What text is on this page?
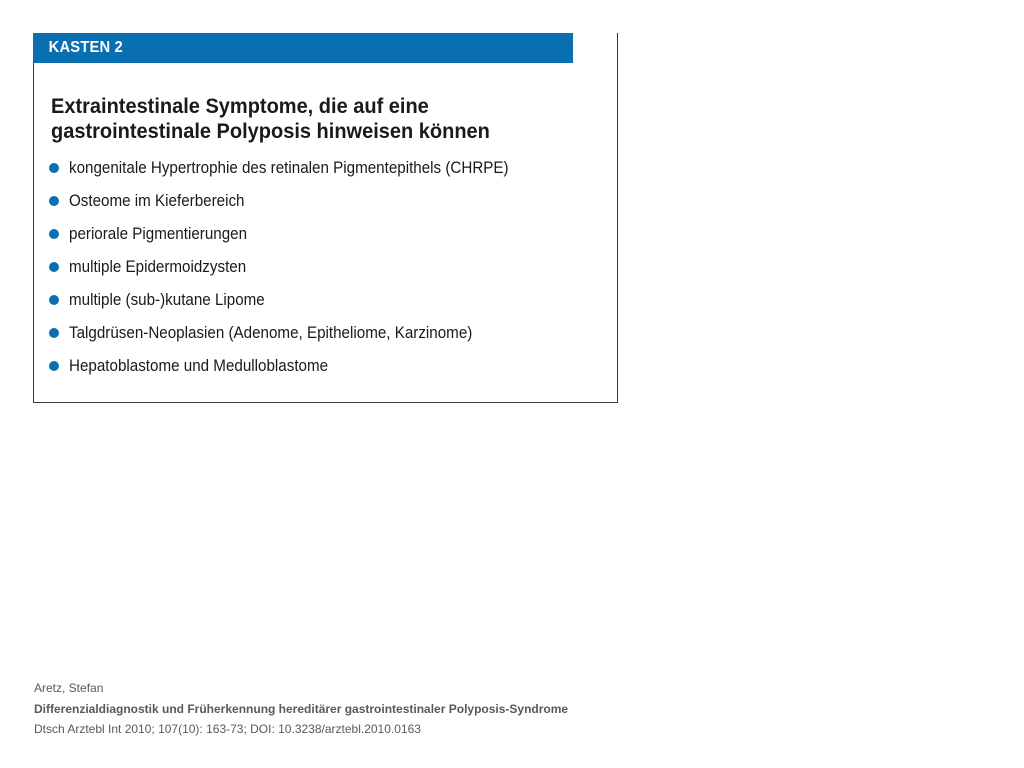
KASTEN 2
Extraintestinale Symptome, die auf eine
gastrointestinale Polyposis hinweisen können
kongenitale Hypertrophie des retinalen Pigmentepithels (CHRPE)
Osteome im Kieferbereich
periorale Pigmentierungen
multiple Epidermoidzysten
multiple (sub-)kutane Lipome
Talgdrüsen-Neoplasien (Adenome, Epitheliome, Karzinome)
Hepatoblastome und Medulloblastome
Aretz, Stefan
Differenzialdiagnostik und Früherkennung hereditärer gastrointestinaler Polyposis-Syndrome
Dtsch Arztebl Int 2010; 107(10): 163-73; DOI: 10.3238/arztebl.2010.0163
